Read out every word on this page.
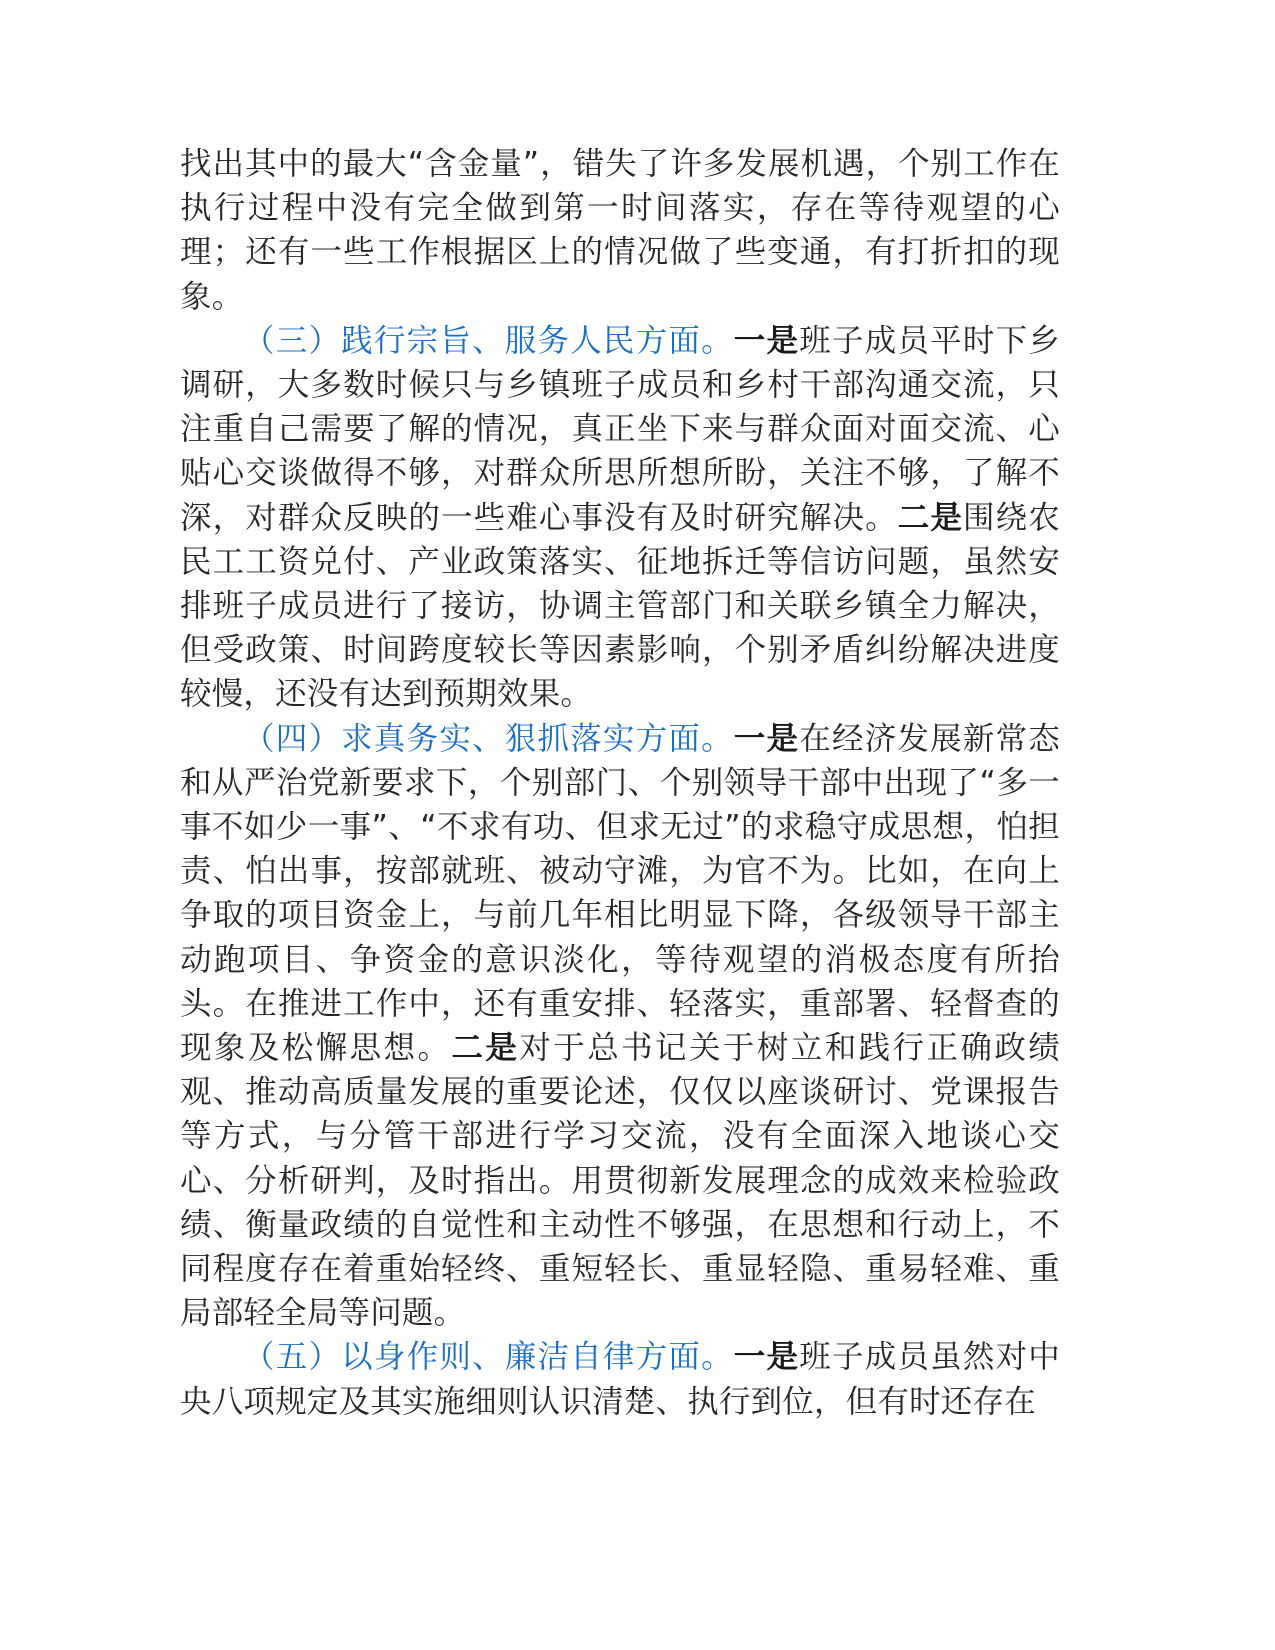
找出其中的最大“含金量”，错失了许多发展机遇，个别工作在执行过程中没有完全做到第一时间落实，存在等待观望的心理；还有一些工作根据区上的情况做了些变通，有打折扣的现象。

（三）践行宗旨、服务人民方面。一是班子成员平时下乡调研，大多数时候只与乡镇班子成员和乡村干部沟通交流，只注重自己需要了解的情况，真正坐下来与群众面对面交流、心贴心交谈做得不够，对群众所思所想所盼，关注不够，了解不深，对群众反映的一些难心事没有及时研究解决。二是围绕农民工工资兑付、产业政策落实、征地拆迁等信访问题，虽然安排班子成员进行了接访，协调主管部门和关联乡镇全力解决，但受政策、时间跨度较长等因素影响，个别矛盾纠纷解决进度较慢，还没有达到预期效果。

（四）求真务实、狠抓落实方面。一是在经济发展新常态和从严治党新要求下，个别部门、个别领导干部中出现了“多一事不如少一事”、“不求有功、但求无过”的求稳守成思想，怕担责、怕出事，按部就班、被动守滩，为官不为。比如，在向上争取的项目资金上，与前几年相比明显下降，各级领导干部主动跑项目、争资金的意识淡化，等待观望的消极态度有所抬头。在推进工作中，还有重安排、轻落实，重部署、轻督查的现象及松懈思想。二是对于总书记关于树立和践行正确政绩观、推动高质量发展的重要论述，仅仅以座谈研讨、党课报告等方式，与分管干部进行学习交流，没有全面深入地谈心交心、分析研判，及时指出。用贯彻新发展理念的成效来检验政绩、衡量政绩的自觉性和主动性不够强，在思想和行动上，不同程度存在着重始轻终、重短轻长、重显轻隐、重易轻难、重局部轻全局等问题。

（五）以身作则、廉洁自律方面。一是班子成员虽然对中央八项规定及其实施细则认识清楚、执行到位，但有时还存在
